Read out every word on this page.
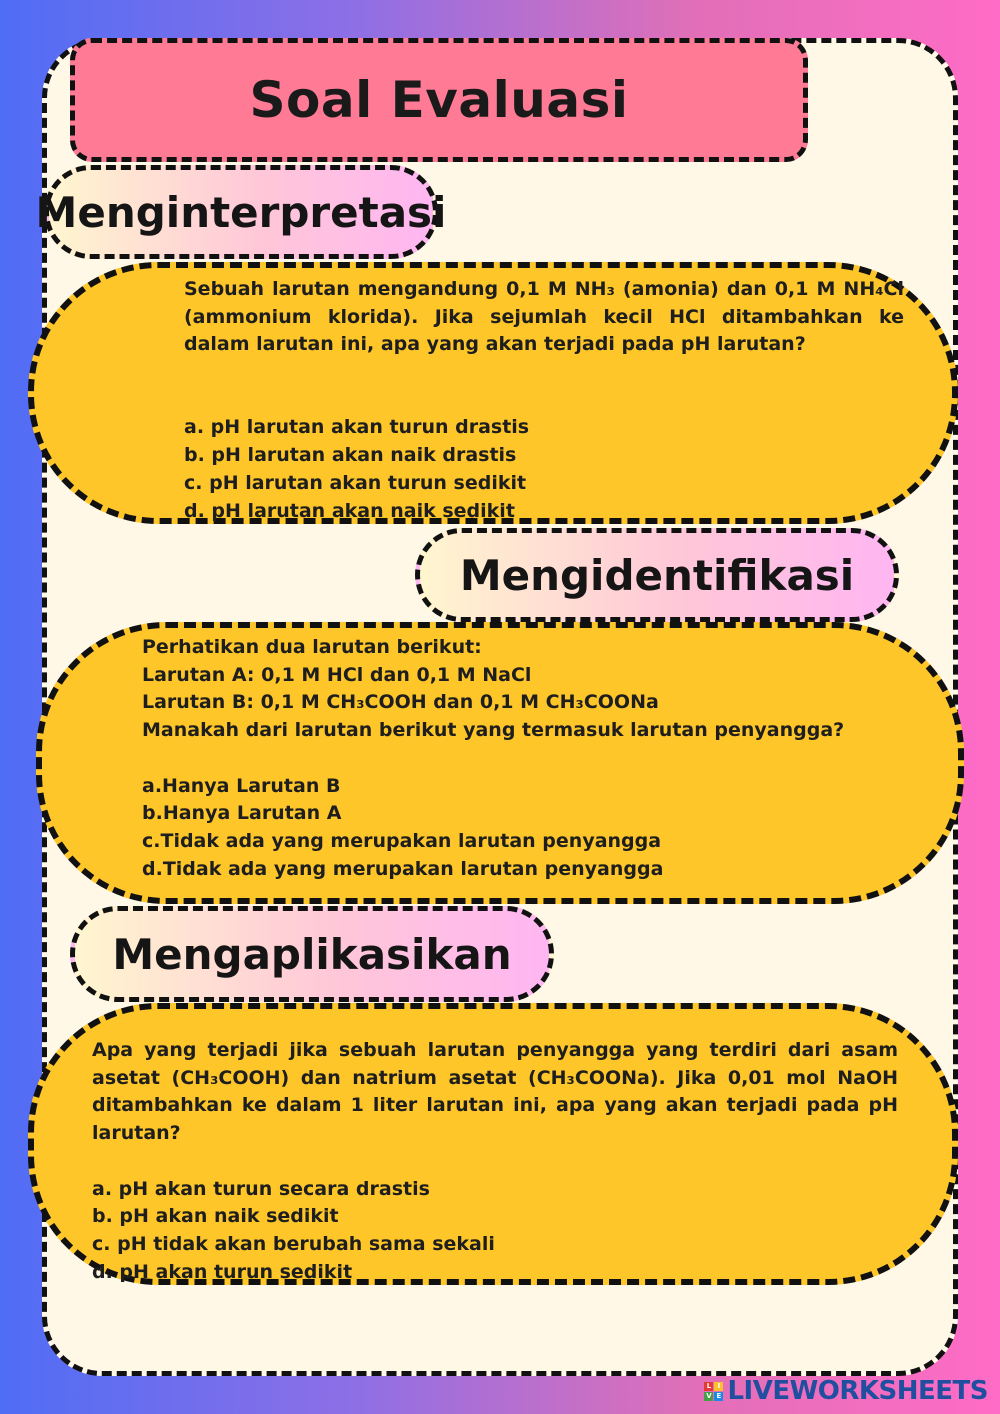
Soal Evaluasi

Sebuah larutan mengandung 0,1 M NH₃ (amonia) dan 0,1 M NH₄Cl (ammonium klorida). Jika sejumlah kecil HCl ditambahkan ke dalam larutan ini, apa yang akan terjadi pada pH larutan?

a. pH larutan akan turun drastis

b. pH larutan akan naik drastis

c. pH larutan akan turun sedikit

d. pH larutan akan naik sedikit

Menginterpretasi

Perhatikan dua larutan berikut:

Larutan A: 0,1 M HCl dan 0,1 M NaCl

Larutan B: 0,1 M CH₃COOH dan 0,1 M CH₃COONa

Manakah dari larutan berikut yang termasuk larutan penyangga?

a.Hanya Larutan B

b.Hanya Larutan A

c.Tidak ada yang merupakan larutan penyangga

d.Tidak ada yang merupakan larutan penyangga

Mengidentifikasi

Apa yang terjadi jika sebuah larutan penyangga yang terdiri dari asam asetat (CH₃COOH) dan natrium asetat (CH₃COONa). Jika 0,01 mol NaOH ditambahkan ke dalam 1 liter larutan ini, apa yang akan terjadi pada pH larutan?

a. pH akan turun secara drastis

b. pH akan naik sedikit

c. pH tidak akan berubah sama sekali

d. pH akan turun sedikit

Mengaplikasikan
L I
V E LIVEWORKSHEETS
